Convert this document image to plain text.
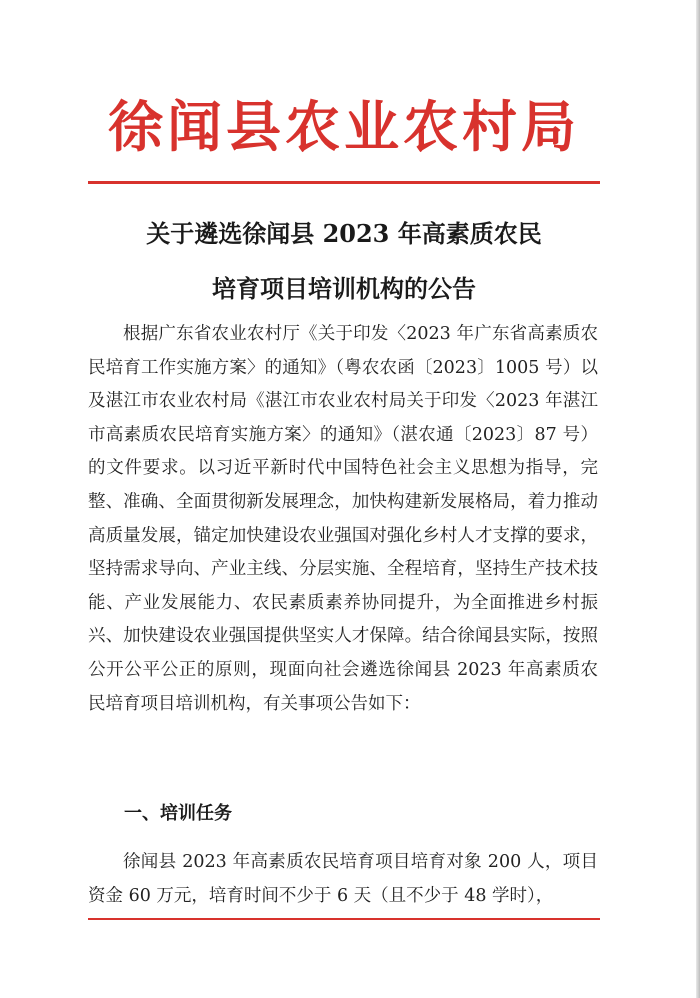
徐闻县农业农村局
关于遴选徐闻县 2023 年高素质农民
培育项目培训机构的公告

根据广东省农业农村厅《关于印发〈2023 年广东省高素质农民培育工作实施方案〉的通知》（粤农农函〔2023〕1005 号）以及湛江市农业农村局《湛江市农业农村局关于印发〈2023 年湛江市高素质农民培育实施方案〉的通知》（湛农通〔2023〕87 号）的文件要求。以习近平新时代中国特色社会主义思想为指导，完整、准确、全面贯彻新发展理念，加快构建新发展格局，着力推动高质量发展，锚定加快建设农业强国对强化乡村人才支撑的要求，坚持需求导向、产业主线、分层实施、全程培育，坚持生产技术技能、产业发展能力、农民素质素养协同提升，为全面推进乡村振兴、加快建设农业强国提供坚实人才保障。结合徐闻县实际，按照公开公平公正的原则，现面向社会遴选徐闻县 2023 年高素质农民培育项目培训机构，有关事项公告如下：

一、培训任务

徐闻县 2023 年高素质农民培育项目培育对象 200 人，项目资金 60 万元，培育时间不少于 6 天（且不少于 48 学时），
